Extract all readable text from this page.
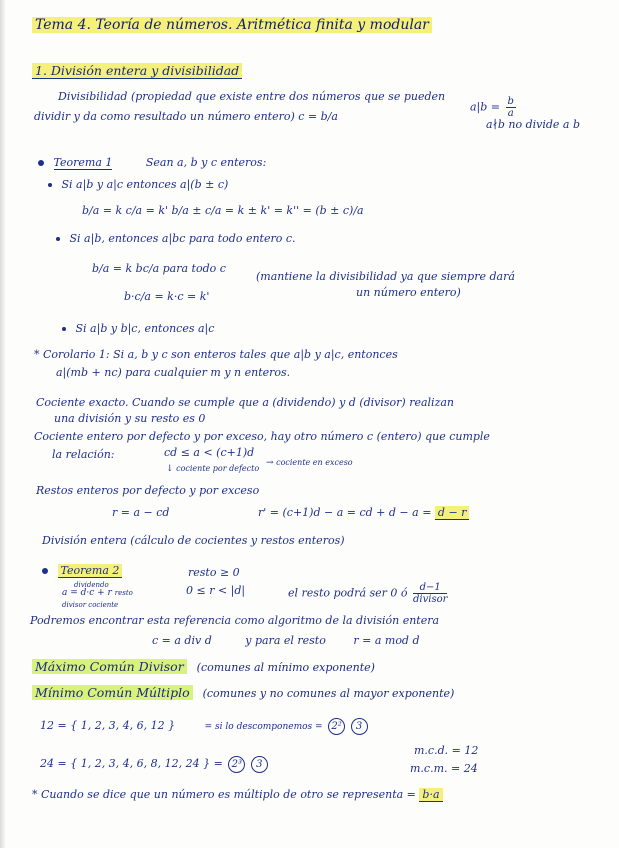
Tema 4. Teoría de números. Aritmética finita y modular
1. División entera y divisibilidad
Divisibilidad (propiedad que existe entre dos números que se pueden
dividir y da como resultado un número entero) c = b/a
$a|b = \frac{b}{a}$
a∤b no divide a b
Teorema 1	Sean a, b y c enteros:
Si a|b y a|c entonces a|(b ± c)
b/a = k c/a = k' b/a ± c/a = k ± k' = k'' = (b ± c)/a
Si a|b, entonces a|bc para todo entero c.
b/a = k bc/a para todo c
b·c/a = k·c = k'
(mantiene la divisibilidad ya que siempre dará
un número entero)
Si a|b y b|c, entonces a|c
* Corolario 1: Si a, b y c son enteros tales que a|b y a|c, entonces
a|(mb + nc) para cualquier m y n enteros.
Cociente exacto. Cuando se cumple que a (dividendo) y d (divisor) realizan
una división y su resto es 0
Cociente entero por defecto y por exceso, hay otro número c (entero) que cumple
la relación:	cd ≤ a < (c+1)d
↓ cociente por defecto
→ cociente en exceso
Restos enteros por defecto y por exceso
r = a − cd	r' = (c+1)d − a = cd + d − a = d − r
División entera (cálculo de cocientes y restos enteros)
Teorema 2
dividendo
a = d·c + r resto
divisor cociente
resto ≥ 0
0 ≤ r < |d|	el resto podrá ser 0 ó $\frac{d-1}{\text{divisor}}$
Podremos encontrar esta referencia como algoritmo de la división entera
c = a div d	y para el resto	r = a mod d
Máximo Común Divisor (comunes al mínimo exponente)
Mínimo Común Múltiplo (comunes y no comunes al mayor exponente)
12 = { 1, 2, 3, 4, 6, 12 }	= si lo descomponemos = 2² 3
24 = { 1, 2, 3, 4, 6, 8, 12, 24 } = 2³ 3
m.c.d. = 12
m.c.m. = 24
* Cuando se dice que un número es múltiplo de otro se representa = b·a
